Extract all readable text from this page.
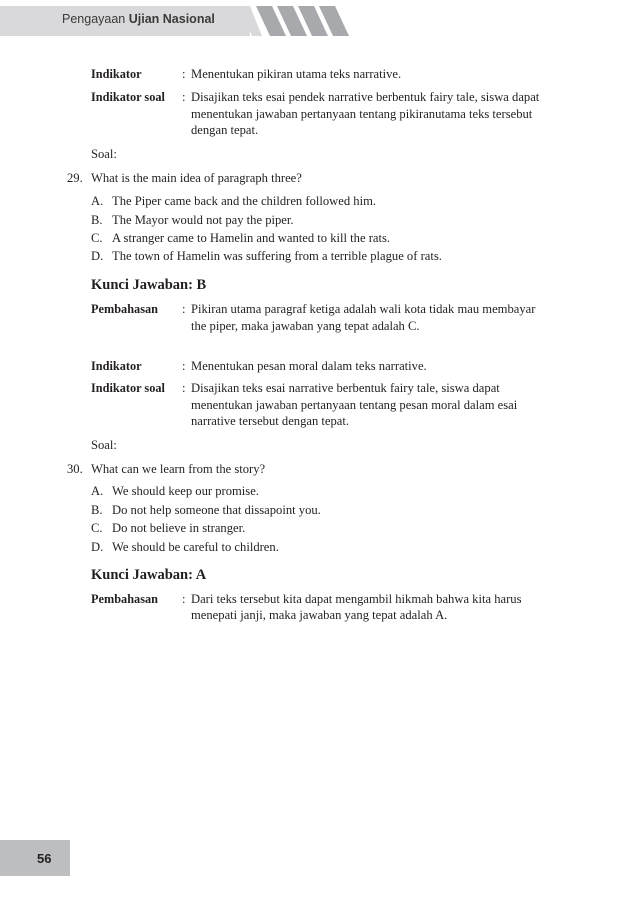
Pengayaan Ujian Nasional
Indikator	: Menentukan pikiran utama teks narrative.
Indikator soal : Disajikan teks esai pendek narrative berbentuk fairy tale, siswa dapat
menentukan jawaban pertanyaan tentang pikiranutama teks tersebut
dengan tepat.
Soal:
29. What is the main idea of paragraph three?
A. The Piper came back and the children followed him.
B. The Mayor would not pay the piper.
C. A stranger came to Hamelin and wanted to kill the rats.
D. The town of Hamelin was suffering from a terrible plague of rats.
Kunci Jawaban: B
Pembahasan : Pikiran utama paragraf ketiga adalah wali kota tidak mau membayar
the piper, maka jawaban yang tepat adalah C.
Indikator	: Menentukan pesan moral dalam teks narrative.
Indikator soal : Disajikan teks esai narrative berbentuk fairy tale, siswa dapat
menentukan jawaban pertanyaan tentang pesan moral dalam esai
narrative tersebut dengan tepat.
Soal:
30. What can we learn from the story?
A. We should keep our promise.
B. Do not help someone that dissapoint you.
C. Do not believe in stranger.
D. We should be careful to children.
Kunci Jawaban: A
Pembahasan : Dari teks tersebut kita dapat mengambil hikmah bahwa kita harus
menepati janji, maka jawaban yang tepat adalah A.
56
